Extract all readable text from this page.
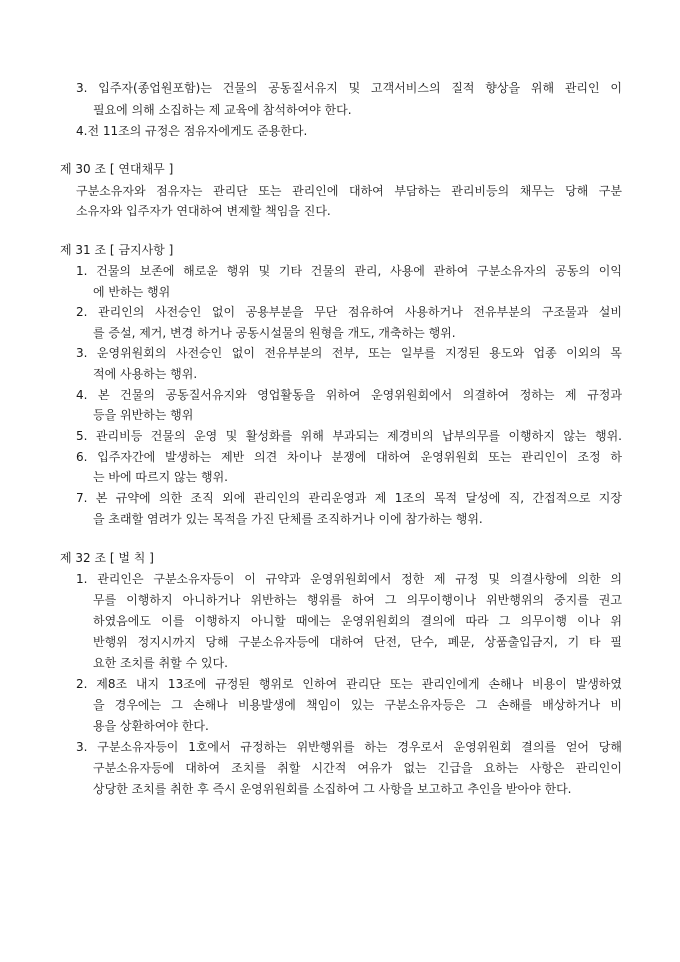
3. 입주자(종업원포함)는 건물의 공동질서유지 및 고객서비스의 질적 향상을 위해 관리인 이
필요에 의해 소집하는 제 교육에 참석하여야 한다.
4.전 11조의 규정은 점유자에게도 준용한다.
제 30 조 [ 연대채무 ]
구분소유자와 점유자는 관리단 또는 관리인에 대하여 부담하는 관리비등의 채무는 당해 구분
소유자와 입주자가 연대하여 변제할 책임을 진다.
제 31 조 [ 금지사항 ]
1. 건물의 보존에 해로운 행위 및 기타 건물의 관리, 사용에 관하여 구분소유자의 공동의 이익
에 반하는 행위
2. 관리인의 사전승인 없이 공용부분을 무단 점유하여 사용하거나 전유부분의 구조물과 설비
를 증설, 제거, 변경 하거나 공동시설물의 원형을 개도, 개축하는 행위.
3. 운영위원회의 사전승인 없이 전유부분의 전부, 또는 일부를 지정된 용도와 업종 이외의 목
적에 사용하는 행위.
4. 본 건물의 공동질서유지와 영업활동을 위하여 운영위원회에서 의결하여 정하는 제 규정과
등을 위반하는 행위
5. 관리비등 건물의 운영 및 활성화를 위해 부과되는 제경비의 납부의무를 이행하지 않는 행위.
6. 입주자간에 발생하는 제반 의견 차이나 분쟁에 대하여 운영위원회 또는 관리인이 조정 하
는 바에 따르지 않는 행위.
7. 본 규약에 의한 조직 외에 관리인의 관리운영과 제 1조의 목적 달성에 직, 간접적으로 지장
을 초래할 염려가 있는 목적을 가진 단체를 조직하거나 이에 참가하는 행위.
제 32 조 [ 벌 칙 ]
1. 관리인은 구분소유자등이 이 규약과 운영위원회에서 정한 제 규정 및 의결사항에 의한 의
무를 이행하지 아니하거나 위반하는 행위를 하여 그 의무이행이나 위반행위의 중지를 권고
하였음에도 이를 이행하지 아니할 때에는 운영위원회의 결의에 따라 그 의무이행 이나 위
반행위 정지시까지 당해 구분소유자등에 대하여 단전, 단수, 폐문, 상품출입금지, 기 타 필
요한 조치를 취할 수 있다.
2. 제8조 내지 13조에 규정된 행위로 인하여 관리단 또는 관리인에게 손해나 비용이 발생하였
을 경우에는 그 손해나 비용발생에 책임이 있는 구분소유자등은 그 손해를 배상하거나 비
용을 상환하여야 한다.
3. 구분소유자등이 1호에서 규정하는 위반행위를 하는 경우로서 운영위원회 결의를 얻어 당해
구분소유자등에 대하여 조치를 취할 시간적 여유가 없는 긴급을 요하는 사항은 관리인이
상당한 조치를 취한 후 즉시 운영위원회를 소집하여 그 사항을 보고하고 추인을 받아야 한다.
